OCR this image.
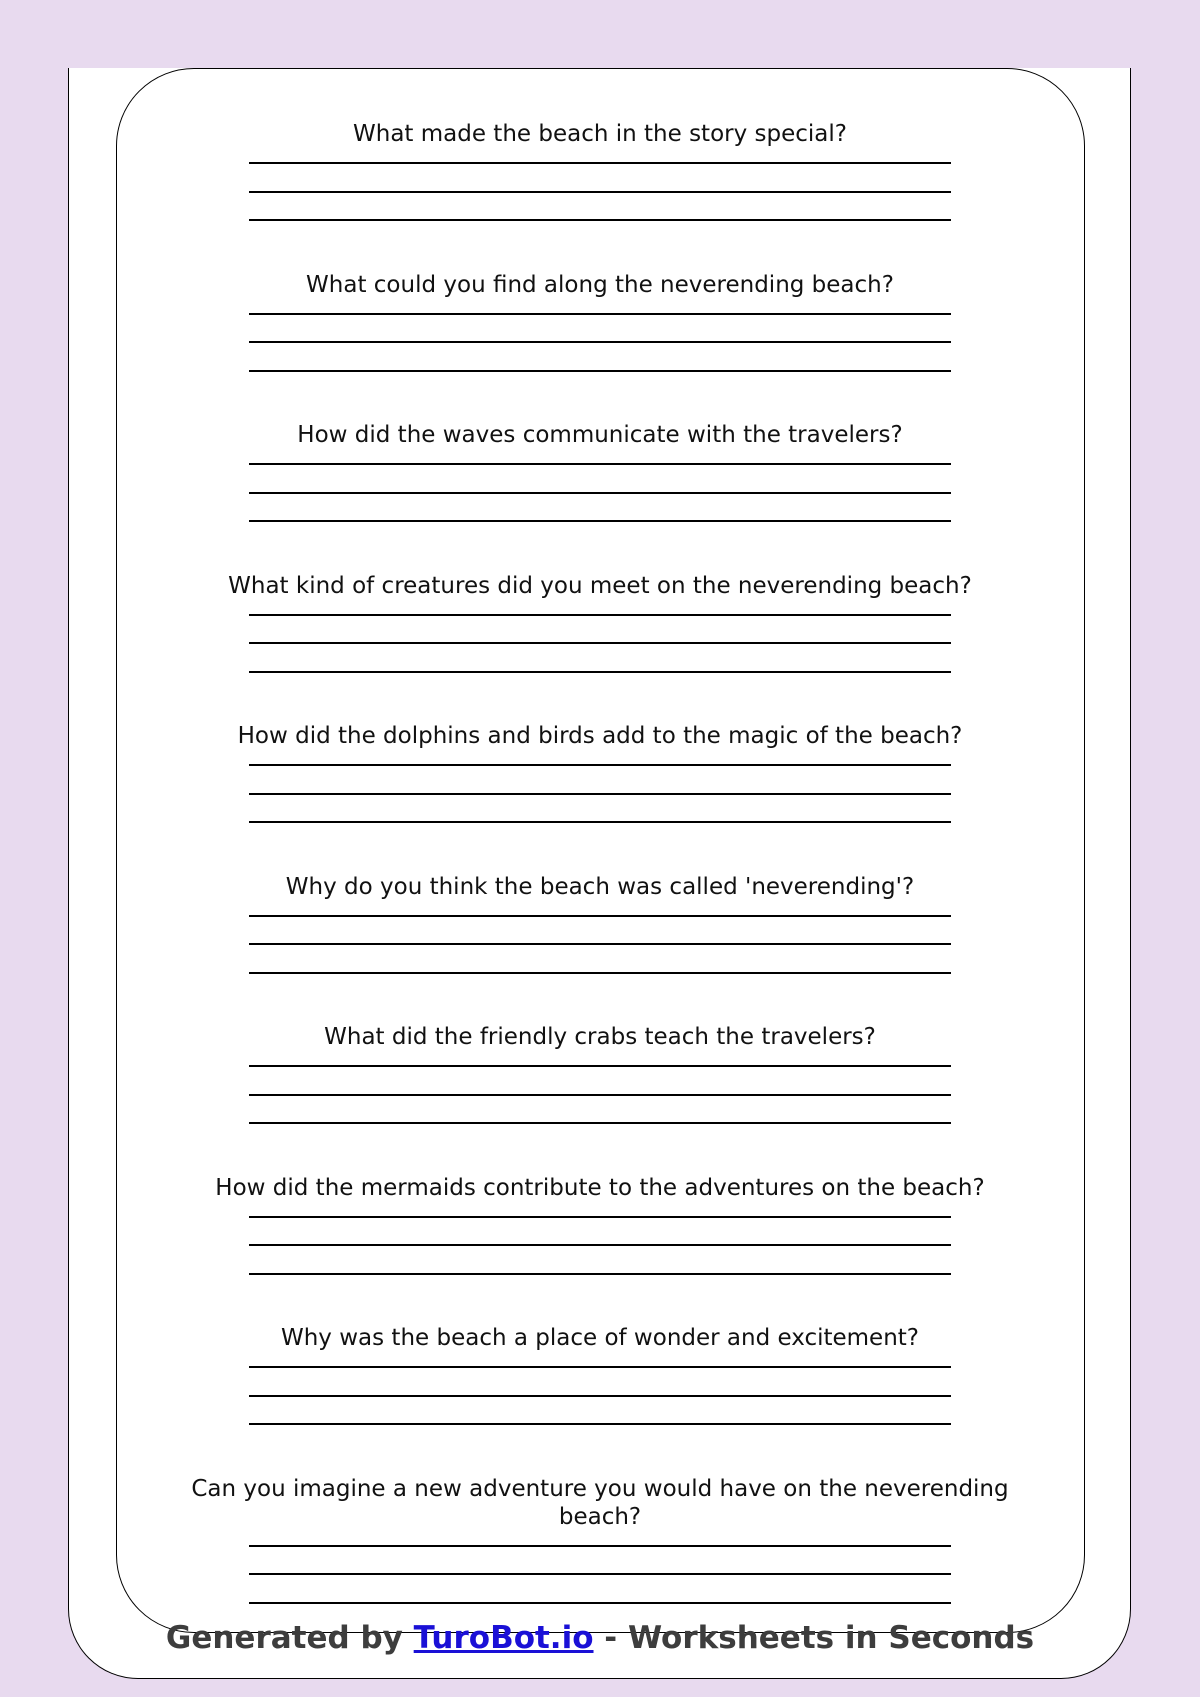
What made the beach in the story special?
What could you find along the neverending beach?
How did the waves communicate with the travelers?
What kind of creatures did you meet on the neverending beach?
How did the dolphins and birds add to the magic of the beach?
Why do you think the beach was called 'neverending'?
What did the friendly crabs teach the travelers?
How did the mermaids contribute to the adventures on the beach?
Why was the beach a place of wonder and excitement?
Can you imagine a new adventure you would have on the neverending beach?
Generated by TuroBot.io - Worksheets in Seconds
